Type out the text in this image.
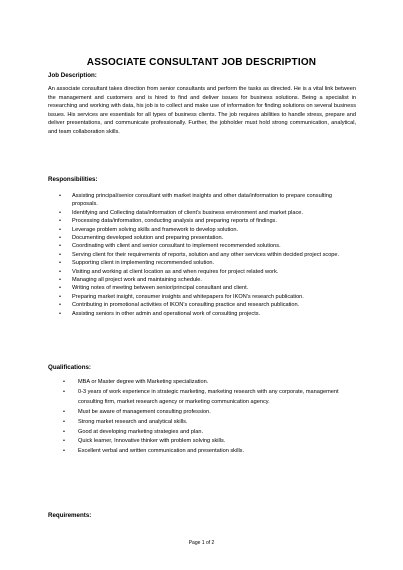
ASSOCIATE CONSULTANT JOB DESCRIPTION
Job Description:

An associate consultant takes direction from senior consultants and perform the tasks as directed. He is a vital link between the management and customers and is hired to find and deliver issues for business solutions. Being a specialist in researching and working with data, his job is to collect and make use of information for finding solutions on several business issues. His services are essentials for all types of business clients. The job requires abilities to handle stress, prepare and deliver presentations, and communicate professionally. Further, the jobholder must hold strong communication, analytical, and team collaboration skills.

Responsibilities:
• Assisting principal/senior consultant with market insights and other data/information to prepare consulting proposals.
• Identifying and Collecting data/information of client’s business environment and market place.
• Processing data/information, conducting analysis and preparing reports of findings.
• Leverage problem solving skills and framework to develop solution.
• Documenting developed solution and preparing presentation.
• Coordinating with client and senior consultant to implement recommended solutions.
• Serving client for their requirements of reports, solution and any other services within decided project scope.
• Supporting client in implementing recommended solution.
• Visiting and working at client location as and when requires for project related work.
• Managing all project work and maintaining schedule.
• Writing notes of meeting between senior/principal consultant and client.
• Preparing market insight, consumer insights and whitepapers for IKON’s research publication.
• Contributing in promotional activities of IKON’s consulting practice and research publication.
• Assisting seniors in other admin and operational work of consulting projects.
Qualifications:
• MBA or Master degree with Marketing specialization.
• 0-3 years of work experience in strategic marketing, marketing research with any corporate, management consulting firm, market research agency or marketing communication agency.
• Must be aware of management consulting profession.
• Strong market research and analytical skills.
• Good at developing marketing strategies and plan.
• Quick learner, Innovative thinker with problem solving skills.
• Excellent verbal and written communication and presentation skills.
Requirements:
Page 1 of 2
